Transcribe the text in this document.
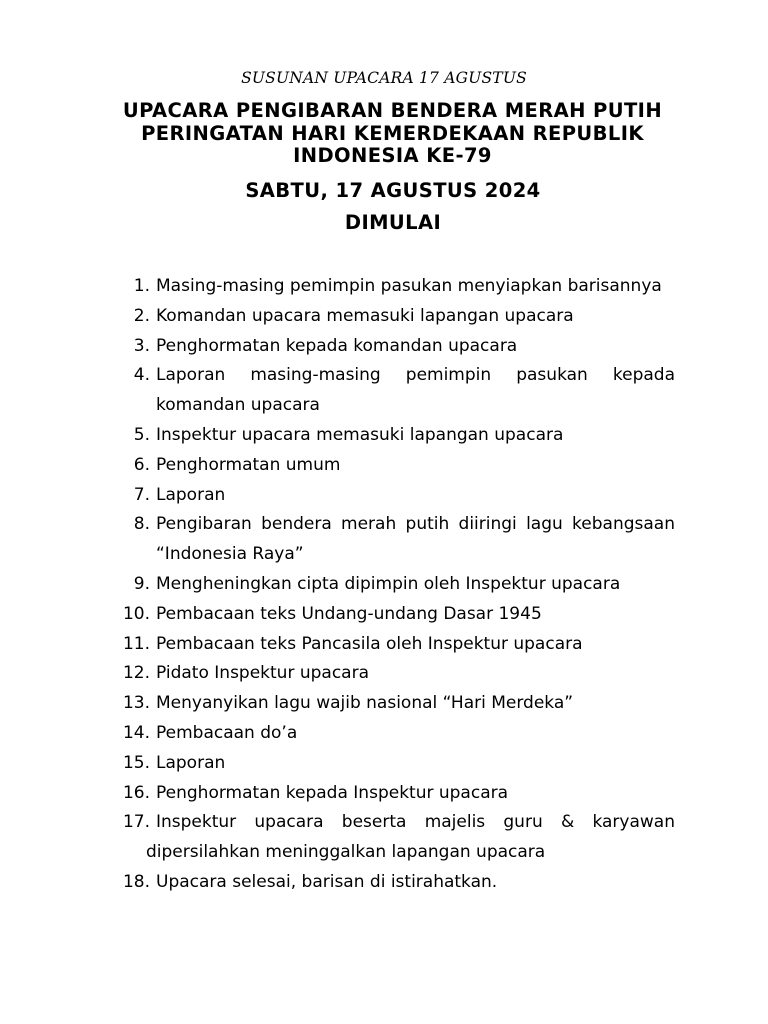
SUSUNAN UPACARA 17 AGUSTUS
UPACARA PENGIBARAN BENDERA MERAH PUTIH
PERINGATAN HARI KEMERDEKAAN REPUBLIK
INDONESIA KE-79
SABTU, 17 AGUSTUS 2024
DIMULAI
1. Masing-masing pemimpin pasukan menyiapkan barisannya
2. Komandan upacara memasuki lapangan upacara
3. Penghormatan kepada komandan upacara
4. Laporan masing-masing pemimpin pasukan kepada komandan upacara
5. Inspektur upacara memasuki lapangan upacara
6. Penghormatan umum
7. Laporan
8. Pengibaran bendera merah putih diiringi lagu kebangsaan “Indonesia Raya”
9. Mengheningkan cipta dipimpin oleh Inspektur upacara
10. Pembacaan teks Undang-undang Dasar 1945
11. Pembacaan teks Pancasila oleh Inspektur upacara
12. Pidato Inspektur upacara
13. Menyanyikan lagu wajib nasional “Hari Merdeka”
14. Pembacaan do’a
15. Laporan
16. Penghormatan kepada Inspektur upacara
17. Inspektur upacara beserta majelis guru & karyawan dipersilahkan meninggalkan lapangan upacara
18. Upacara selesai, barisan di istirahatkan.
